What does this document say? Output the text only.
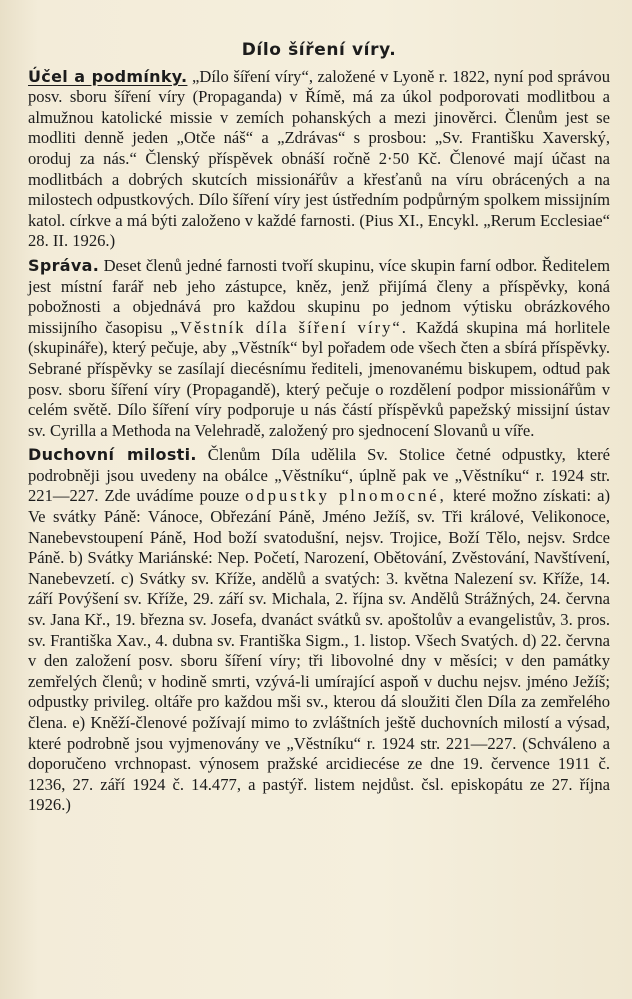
Dílo šíření víry.

Účel a podmínky. „Dílo šíření víry“, založené v Lyoně r. 1822, nyní pod správou posv. sboru šíření víry (Propaganda) v Římě, má za úkol podporovati modlitbou a almužnou katolické missie v zemích pohanských a mezi jinověrci. Členům jest se modliti denně jeden „Otče náš“ a „Zdrávas“ s prosbou: „Sv. Františku Xaverský, oroduj za nás.“ Členský příspěvek obnáší ročně 2·50 Kč. Členové mají účast na modlitbách a dobrých skutcích missionářův a křesťanů na víru obrácených a na milostech odpustkových. Dílo šíření víry jest ústředním podpůrným spolkem missijním katol. církve a má býti založeno v každé farnosti. (Pius XI., Encykl. „Rerum Ecclesiae“ 28. II. 1926.)

Správa. Deset členů jedné farnosti tvoří skupinu, více skupin farní odbor. Ředitelem jest místní farář neb jeho zástupce, kněz, jenž přijímá členy a příspěvky, koná pobožnosti a objednává pro každou skupinu po jednom výtisku obrázkového missijního časopisu „Věstník díla šíření víry“. Každá skupina má horlitele (skupináře), který pečuje, aby „Věstník“ byl pořadem ode všech čten a sbírá příspěvky. Sebrané příspěvky se zasílají diecésnímu řediteli, jmenovanému biskupem, odtud pak posv. sboru šíření víry (Propagandě), který pečuje o rozdělení podpor missionářům v celém světě. Dílo šíření víry podporuje u nás částí příspěvků papežský missijní ústav sv. Cyrilla a Methoda na Velehradě, založený pro sjednocení Slovanů u víře.

Duchovní milosti. Členům Díla udělila Sv. Stolice četné odpustky, které podrobněji jsou uvedeny na obálce „Věstníku“, úplně pak ve „Věstníku“ r. 1924 str. 221—227. Zde uvádíme pouze odpustky plnomocné, které možno získati: a) Ve svátky Páně: Vánoce, Obřezání Páně, Jméno Ježíš, sv. Tři králové, Velikonoce, Nanebevstoupení Páně, Hod boží svatodušní, nejsv. Trojice, Boží Tělo, nejsv. Srdce Páně. b) Svátky Mariánské: Nep. Početí, Narození, Obětování, Zvěstování, Navštívení, Nanebevzetí. c) Svátky sv. Kříže, andělů a svatých: 3. května Nalezení sv. Kříže, 14. září Povýšení sv. Kříže, 29. září sv. Michala, 2. října sv. Andělů Strážných, 24. června sv. Jana Kř., 19. března sv. Josefa, dvanáct svátků sv. apoštolův a evangelistův, 3. pros. sv. Františka Xav., 4. dubna sv. Františka Sigm., 1. listop. Všech Svatých. d) 22. června v den založení posv. sboru šíření víry; tři libovolné dny v měsíci; v den památky zemřelých členů; v hodině smrti, vzývá-li umírající aspoň v duchu nejsv. jméno Ježíš; odpustky privileg. oltáře pro každou mši sv., kterou dá sloužiti člen Díla za zemřelého člena. e) Kněží-členové požívají mimo to zvláštních ještě duchovních milostí a výsad, které podrobně jsou vyjmenovány ve „Věstníku“ r. 1924 str. 221—227. (Schváleno a doporučeno vrchnopast. výnosem pražské arcidiecése ze dne 19. července 1911 č. 1236, 27. září 1924 č. 14.477, a pastýř. listem nejdůst. čsl. episkopátu ze 27. října 1926.)
